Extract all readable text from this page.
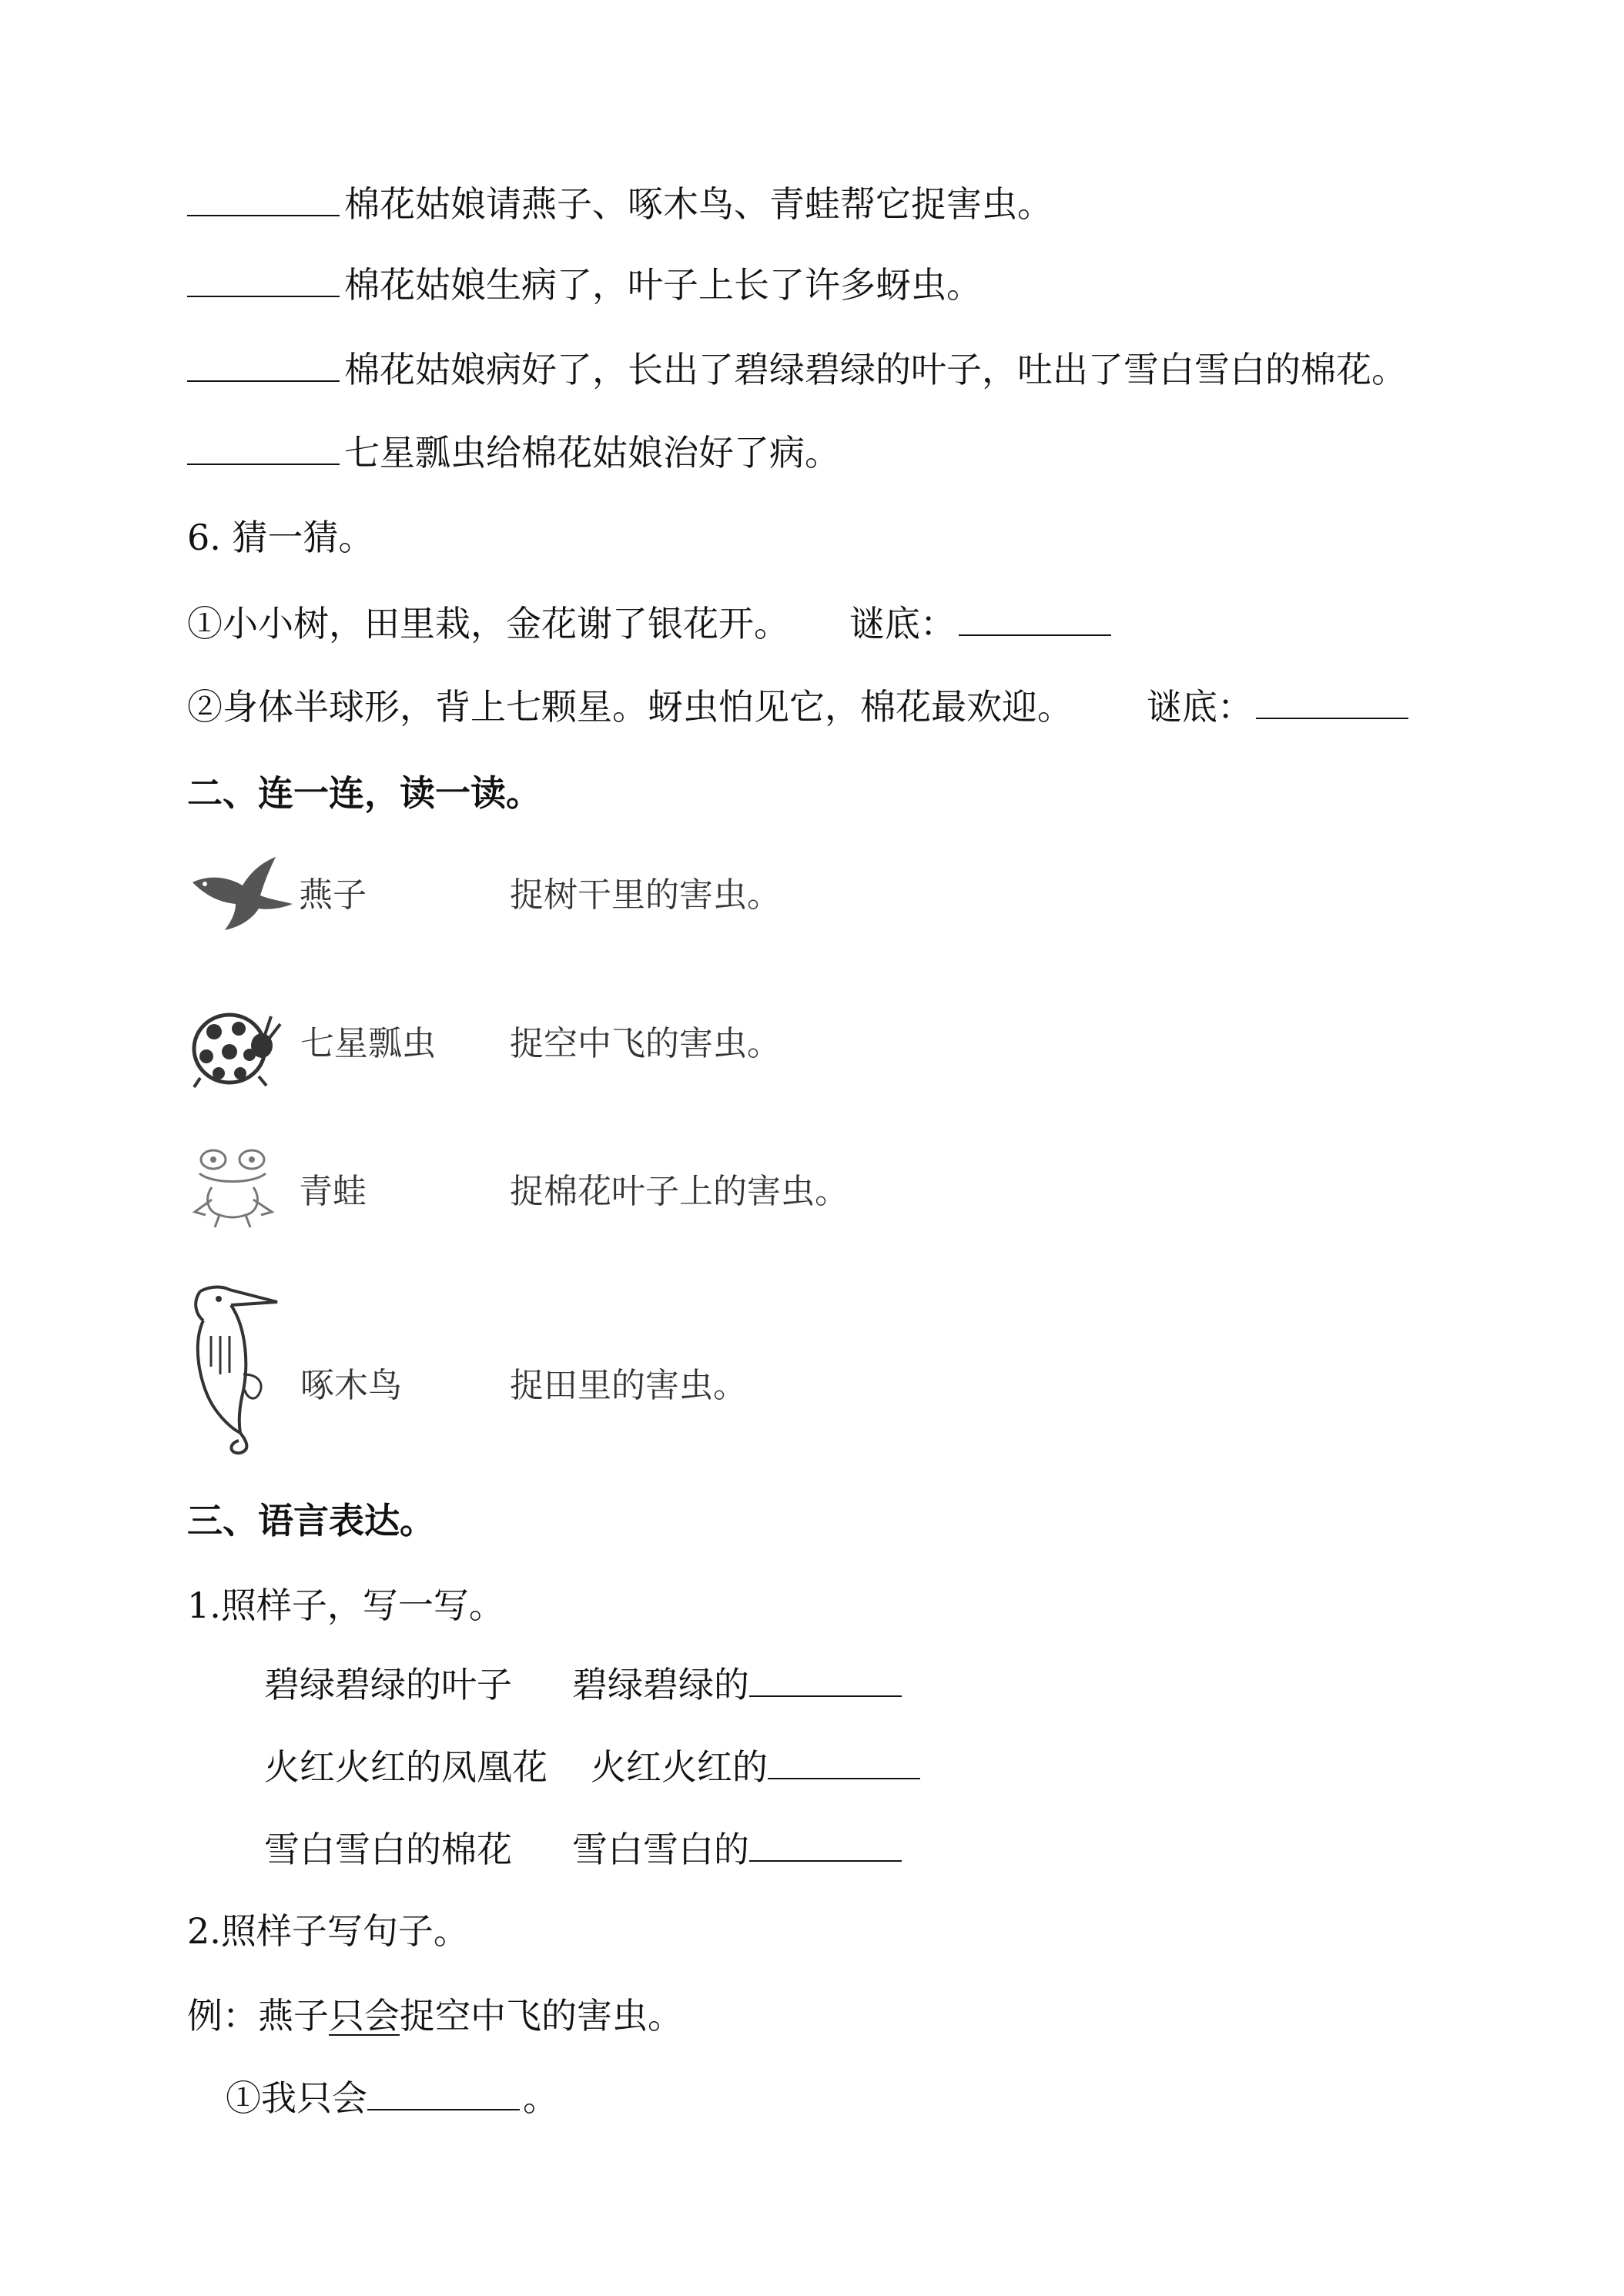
棉花姑娘请燕子、啄木鸟、青蛙帮它捉害虫。
棉花姑娘生病了，叶子上长了许多蚜虫。
棉花姑娘病好了，长出了碧绿碧绿的叶子，吐出了雪白雪白的棉花。
七星瓢虫给棉花姑娘治好了病。
6. 猜一猜。
①小小树，田里栽，金花谢了银花开。 谜底：
②身体半球形，背上七颗星。蚜虫怕见它，棉花最欢迎。 谜底：
二、连一连，读一读。
燕子	捉树干里的害虫。
七星瓢虫 捉空中飞的害虫。
青蛙	捉棉花叶子上的害虫。
啄木鸟	捉田里的害虫。
三、语言表达。
1.照样子，写一写。
碧绿碧绿的叶子 碧绿碧绿的
火红火红的凤凰花 火红火红的
雪白雪白的棉花 雪白雪白的
2.照样子写句子。
例：燕子只会捉空中飞的害虫。
①我只会	。
